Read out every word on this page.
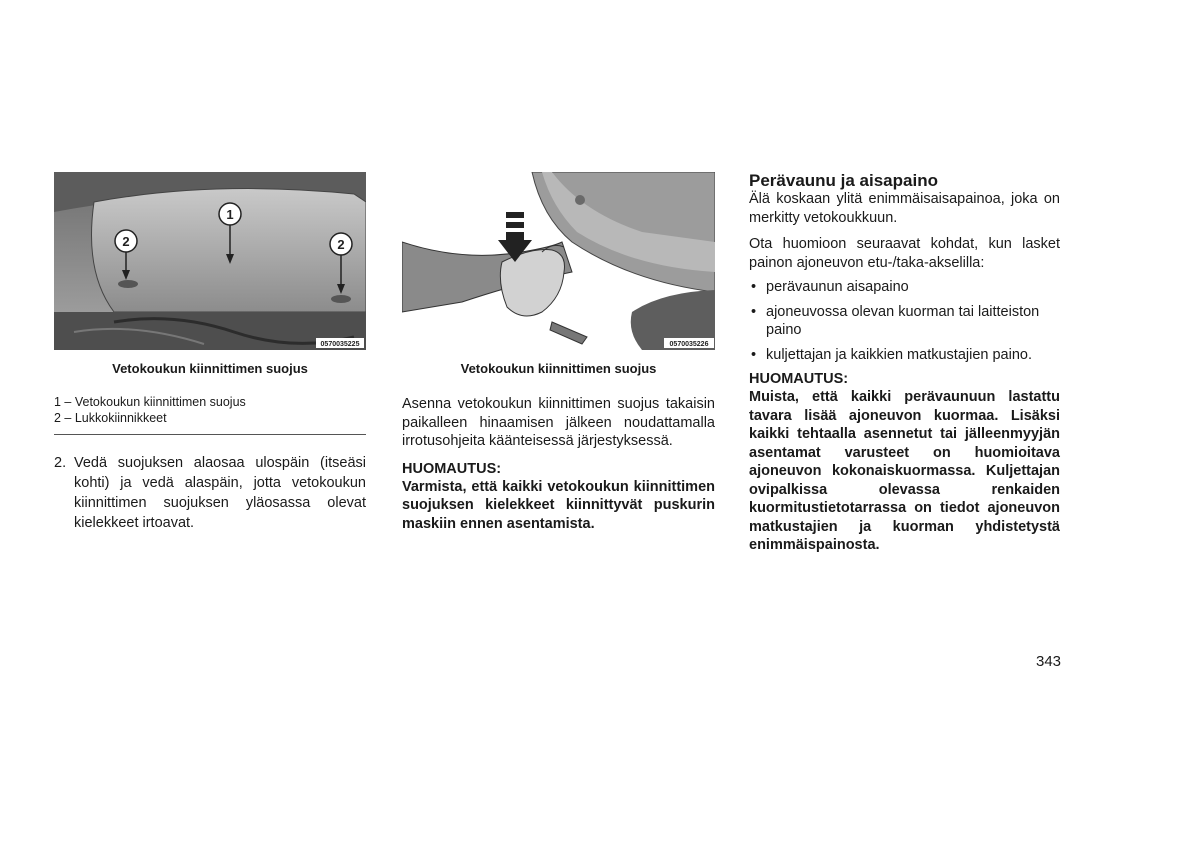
1
2	2
0570035225
Vetokoukun kiinnittimen suojus
1 – Vetokoukun kiinnittimen suojus
2 – Lukkokiinnikkeet
2. Vedä suojuksen alaosaa ulospäin (itseäsi kohti) ja vedä alaspäin, jotta vetokoukun kiinnittimen suojuksen yläosassa olevat kielekkeet irtoavat.
0570035226
Vetokoukun kiinnittimen suojus

Asenna vetokoukun kiinnittimen suojus takaisin paikalleen hinaamisen jälkeen noudattamalla irrotusohjeita käänteisessä järjestyksessä.

HUOMAUTUS:
Varmista, että kaikki vetokoukun kiinnittimen suojuksen kielekkeet kiinnittyvät puskurin maskiin ennen asentamista.
Perävaunu ja aisapaino

Älä koskaan ylitä enimmäisaisapainoa, joka on merkitty vetokoukkuun.

Ota huomioon seuraavat kohdat, kun lasket painon ajoneuvon etu-/taka-akselilla:

• perävaunun aisapaino
• ajoneuvossa olevan kuorman tai laitteiston paino
• kuljettajan ja kaikkien matkustajien paino.
HUOMAUTUS:
Muista, että kaikki perävaunuun lastattu tavara lisää ajoneuvon kuormaa. Lisäksi kaikki tehtaalla asennetut tai jälleenmyyjän asentamat varusteet on huomioitava ajoneuvon kokonaiskuormassa. Kuljettajan ovipalkissa olevassa renkaiden kuormitustietotarrassa on tiedot ajoneuvon matkustajien ja kuorman yhdistetystä enimmäispainosta.
343
